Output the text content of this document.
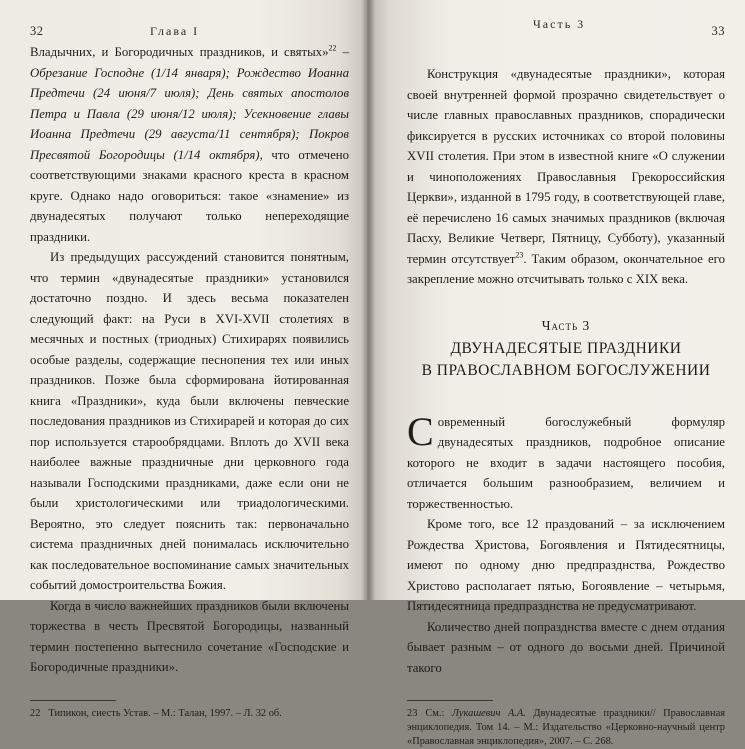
32	Глава I

Владычних, и Богородичных праздников, и святых»$^{22}$ – Обрезание Господне (1/14 января); Рождество Иоанна Предтечи (24 июня/7 июля); День святых апостолов Петра и Павла (29 июня/12 июля); Усекновение главы Иоанна Предтечи (29 августа/11 сентября); Покров Пресвятой Богородицы (1/14 октября), что отмечено соответствующими знаками красного креста в красном круге. Однако надо оговориться: такое «знамение» из двунадесятых получают только непереходящие праздники.

Из предыдущих рассуждений становится понятным, что термин «двунадесятые праздники» установился достаточно поздно. И здесь весьма показателен следующий факт: на Руси в XVI-XVII столетиях в месячных и постных (триодных) Стихирарях появились особые разделы, содержащие песнопения тех или иных праздников. Позже была сформирована йотированная книга «Праздники», куда были включены певческие последования праздников из Стихирарей и которая до сих пор используется старообрядцами. Вплоть до XVII века наиболее важные праздничные дни церковного года называли Господскими праздниками, даже если они не были христологическими или триадологическими. Вероятно, это следует пояснить так: первоначально система праздничных дней понималась исключительно как последовательное воспоминание самых значительных событий домостроительства Божия.

Когда в число важнейших праздников были включены торжества в честь Пресвятой Богородицы, названный термин постепенно вытеснило сочетание «Господские и Богородичные праздники».

22 Типикон, сиесть Устав. – М.: Талан, 1997. – Л. 32 об.
Часть 3	33

Конструкция «двунадесятые праздники», которая своей внутренней формой прозрачно свидетельствует о числе главных православных праздников, спорадически фиксируется в русских источниках со второй половины XVII столетия. При этом в известной книге «О служении и чиноположениях Православныя Грекороссийския Церкви», изданной в 1795 году, в соответствующей главе, её перечислено 16 самых значимых праздников (включая Пасху, Великие Четверг, Пятницу, Субботу), указанный термин отсутствует$^{23}$. Таким образом, окончательное его закрепление можно отсчитывать только с XIX века.

Часть 3
ДВУНАДЕСЯТЫЕ ПРАЗДНИКИ
В ПРАВОСЛАВНОМ БОГОСЛУЖЕНИИ

Современный богослужебный формуляр двунадесятых праздников, подробное описание которого не входит в задачи настоящего пособия, отличается большим разнообразием, величием и торжественностью.

Кроме того, все 12 праздований – за исключением Рождества Христова, Богоявления и Пятидесятницы, имеют по одному дню предпразднства, Рождество Христово располагает пятью, Богоявление – четырьмя, Пятидесятница предпразднства не предусматривают.

Количество дней попразднства вместе с днем отдания бывает разным – от одного до восьми дней. Причиной такого

23 См.: Лукашевич А.А. Двунадесятые праздники// Православная энциклопедия. Том 14. – М.: Издательство «Церковно-научный центр «Православная энциклопедия», 2007. – С. 268.
